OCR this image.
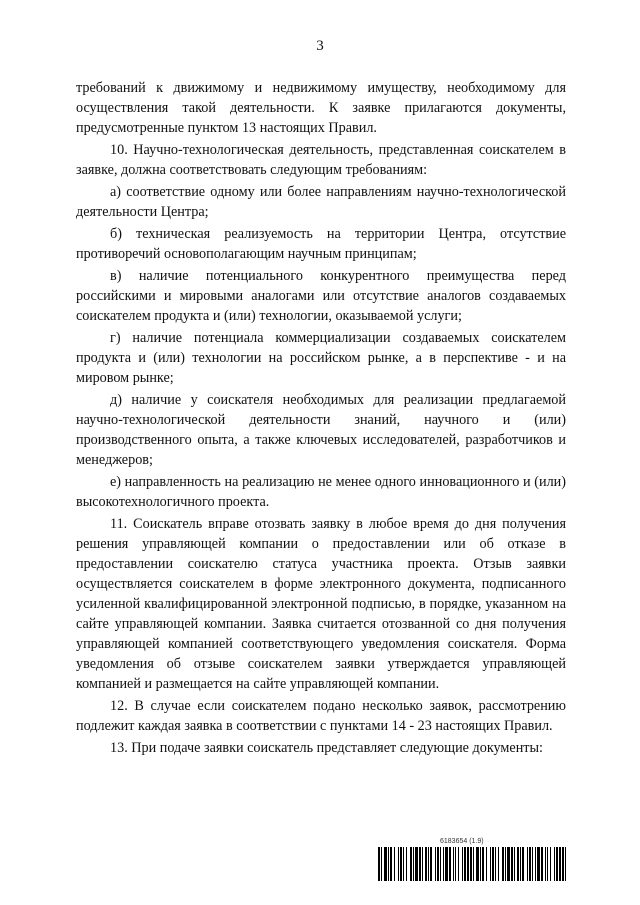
3

требований к движимому и недвижимому имуществу, необходимому для осуществления такой деятельности. К заявке прилагаются документы, предусмотренные пунктом 13 настоящих Правил.

10. Научно-технологическая деятельность, представленная соискателем в заявке, должна соответствовать следующим требованиям:

а) соответствие одному или более направлениям научно-технологической деятельности Центра;

б) техническая реализуемость на территории Центра, отсутствие противоречий основополагающим научным принципам;

в) наличие потенциального конкурентного преимущества перед российскими и мировыми аналогами или отсутствие аналогов создаваемых соискателем продукта и (или) технологии, оказываемой услуги;

г) наличие потенциала коммерциализации создаваемых соискателем продукта и (или) технологии на российском рынке, а в перспективе - и на мировом рынке;

д) наличие у соискателя необходимых для реализации предлагаемой научно-технологической деятельности знаний, научного и (или) производственного опыта, а также ключевых исследователей, разработчиков и менеджеров;

е) направленность на реализацию не менее одного инновационного и (или) высокотехнологичного проекта.

11. Соискатель вправе отозвать заявку в любое время до дня получения решения управляющей компании о предоставлении или об отказе в предоставлении соискателю статуса участника проекта. Отзыв заявки осуществляется соискателем в форме электронного документа, подписанного усиленной квалифицированной электронной подписью, в порядке, указанном на сайте управляющей компании. Заявка считается отозванной со дня получения управляющей компанией соответствующего уведомления соискателя. Форма уведомления об отзыве соискателем заявки утверждается управляющей компанией и размещается на сайте управляющей компании.

12. В случае если соискателем подано несколько заявок, рассмотрению подлежит каждая заявка в соответствии с пунктами 14 - 23 настоящих Правил.

13. При подаче заявки соискатель представляет следующие документы:

6183654 (1.9)
